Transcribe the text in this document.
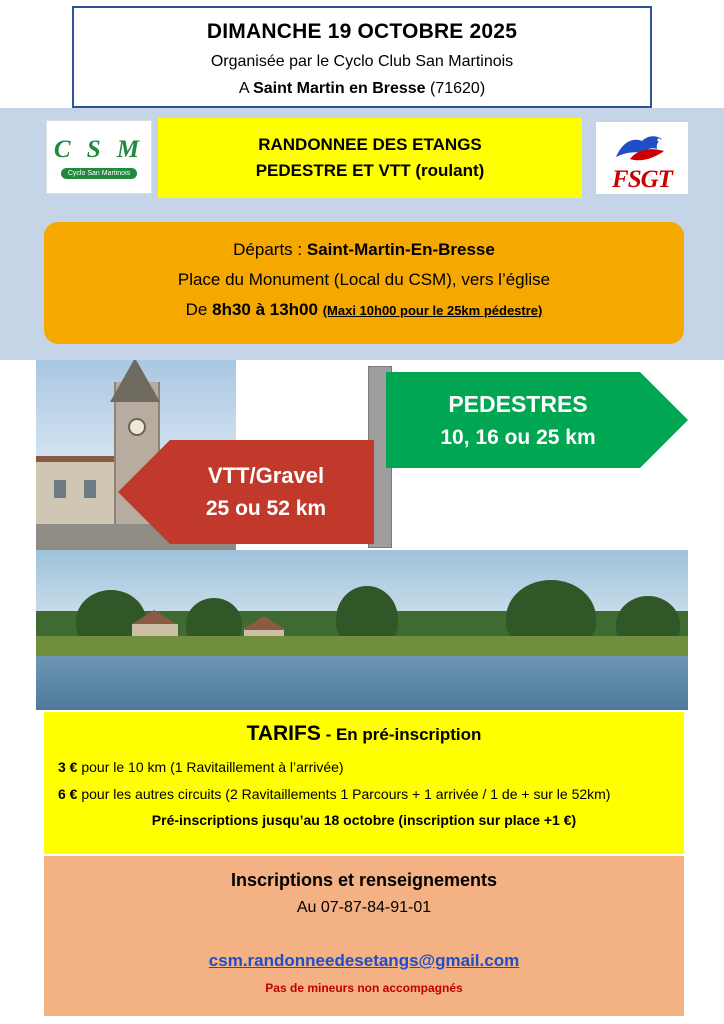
DIMANCHE 19 OCTOBRE 2025
Organisée par le Cyclo Club San Martinois
A Saint Martin en Bresse (71620)
C S M
Cyclo San Martinois
RANDONNEE DES ETANGS
PEDESTRE ET VTT (roulant)	FSGT
Départs : Saint-Martin-En-Bresse
Place du Monument (Local du CSM), vers l’église
De 8h30 à 13h00 (Maxi 10h00 pour le 25km pédestre)
PEDESTRES
10, 16 ou 25 km
VTT/Gravel
25 ou 52 km
TARIFS - En pré-inscription
3 € pour le 10 km (1 Ravitaillement à l’arrivée)
6 € pour les autres circuits (2 Ravitaillements 1 Parcours + 1 arrivée / 1 de + sur le 52km)
Pré-inscriptions jusqu’au 18 octobre (inscription sur place +1 €)
Inscriptions et renseignements
Au 07-87-84-91-01
csm.randonneedesetangs@gmail.com
Pas de mineurs non accompagnés
